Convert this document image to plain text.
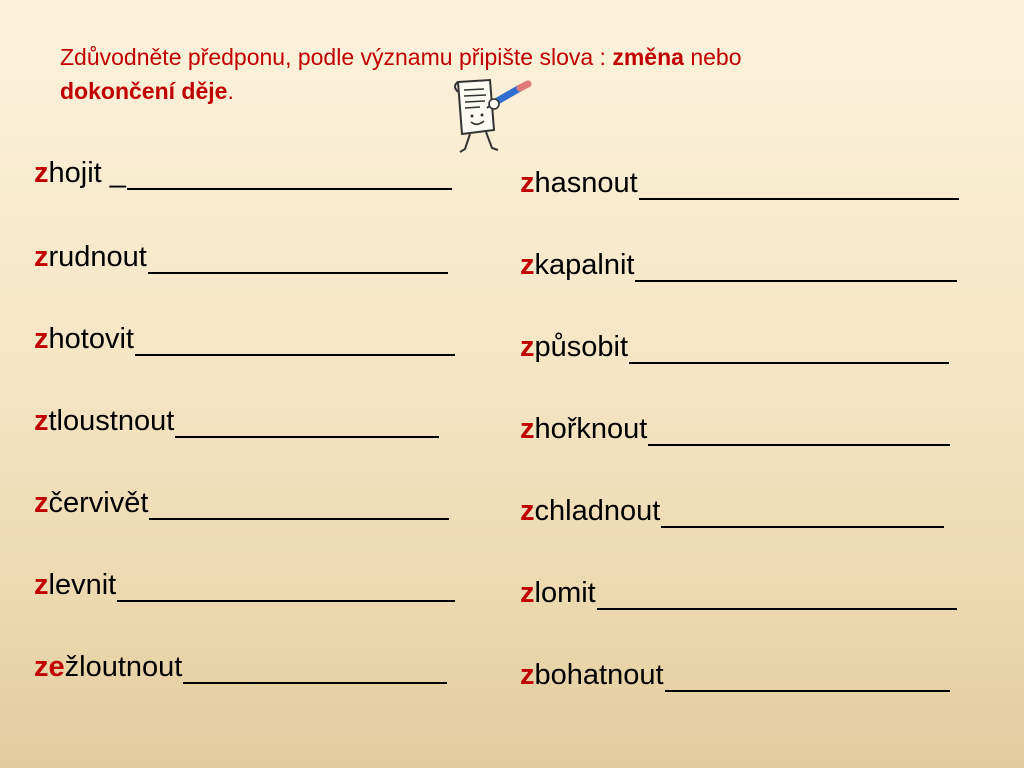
Zdůvodněte předponu, podle významu připište slova : změna nebo
dokončení děje.
z hojit _
z rudnout
z hotovit
z tloustnout
z červivět
z levnit
ze žloutnout
z hasnout
z kapalnit
z působit
z hořknout
z chladnout
z lomit
z bohatnout
